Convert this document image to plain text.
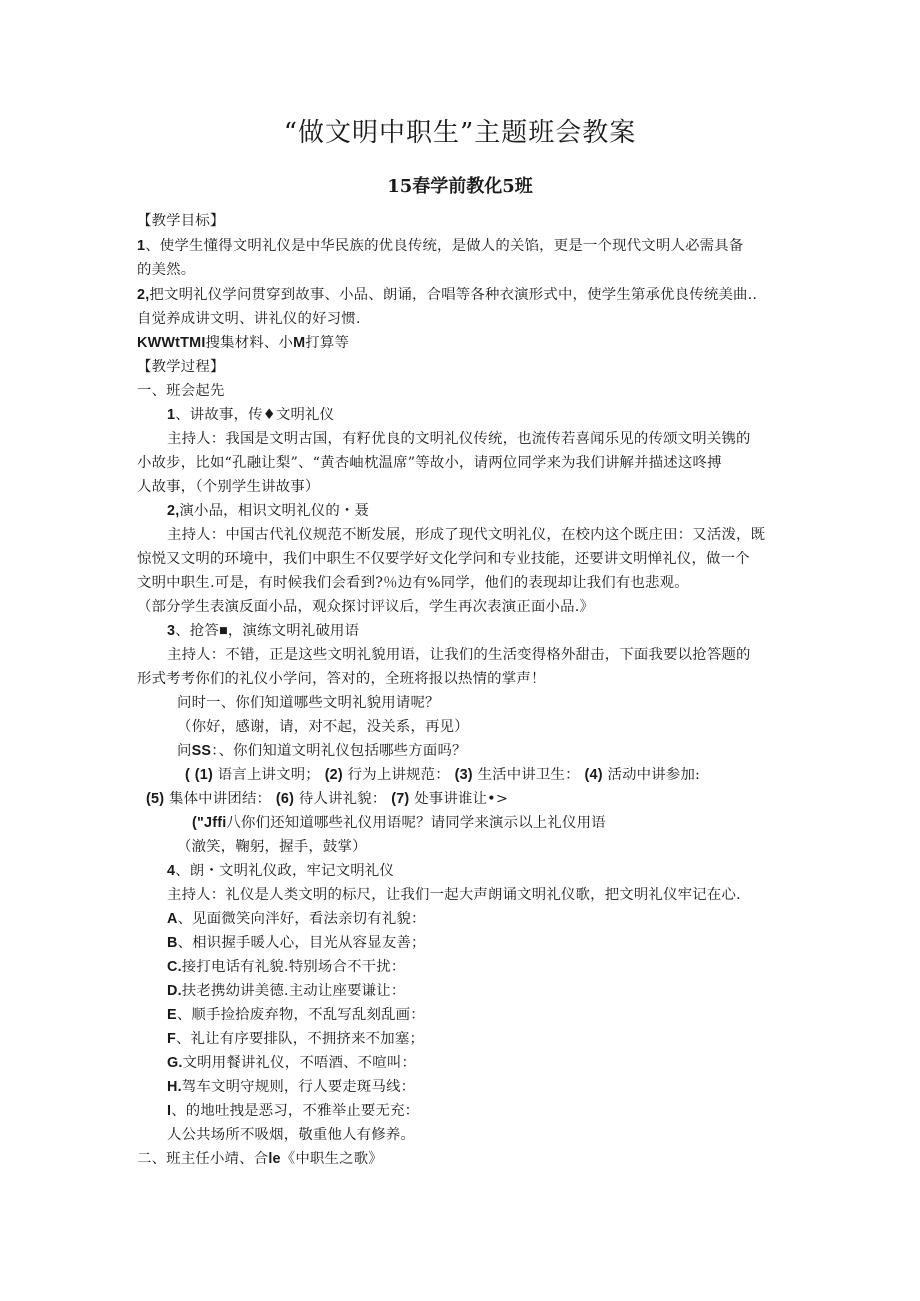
“做文明中职生”主题班会教案
15春学前教化5班
【教学目标】
1、使学生懂得文明礼仪是中华民族的优良传统，是做人的关馅，更是一个现代文明人必需具备
的美然。
2,把文明礼仪学问贯穿到故事、小品、朗诵，合唱等各种衣演形式中，使学生第承优良传统美曲..
自觉养成讲文明、讲礼仪的好习惯.
KWWtTMI搜集材料、小M打算等
【教学过程】
一、班会起先
1、讲故事，传♦文明礼仪
主持人：我国是文明古国，有籽优良的文明礼仪传统，也流传若喜闻乐见的传颂文明关镌的
小故步，比如“孔融让梨”、“黄杏岫枕温席”等故小，请两位同学来为我们讲解并描述这咚搏
人故事，（个别学生讲故事）
2,演小品，相识文明礼仪的・聂
主持人：中国古代礼仪规范不断发展，形成了现代文明礼仪，在校内这个既庄田：又活泼，既
惊悦又文明的环境中，我们中职生不仅要学好文化学问和专业技能，还要讲文明惮礼仪，做一个
文明中职生.可是，有时候我们会看到?％边有%同学，他们的表现却让我们有也悲观。
（部分学生表演反面小品，观众探讨评议后，学生再次表演正面小品.》
3、抢答■，演练文明礼破用语
主持人：不错，正是这些文明礼貌用语，让我们的生活变得格外甜击，下面我要以抢答题的
形式考考你们的礼仪小学问，答对的，全班将报以热情的掌声！
问时一、你们知道哪些文明礼貌用请呢？
（你好，感谢，请，对不起，没关系，再见）
问SS：、你们知道文明礼仪包括哪些方面吗？
( (1) 语言上讲文明； (2) 行为上讲规范： (3) 生活中讲卫生： (4) 活动中讲参加:
(5) 集体中讲团结： (6) 待人讲礼貌： (7) 处事讲谁让•>
("Jffi八你们还知道哪些礼仪用语呢？请同学来演示以上礼仪用语
（澈笑，鞠躬，握手，鼓掌）
4、朗・文明礼仪政，牢记文明礼仪
主持人：礼仪是人类文明的标尺，让我们一起大声朗诵文明礼仪歌，把文明礼仪牢记在心.
A、见面微笑向泮好，看法亲切有礼貌：
B、相识握手暖人心，目光从容显友善；
C.接打电话有礼貌.特别场合不干扰：
D.扶老携幼讲美德.主动让座要谦让：
E、顺手捡拾废弃物，不乱写乱刻乱画：
F、礼让有序要排队，不拥挤来不加塞；
G.文明用餐讲礼仪，不唔酒、不喧叫：
H.驾车文明守规则，行人要走斑马线：
I、的地吐拽是恶习，不雅举止要无充：
人公共场所不吸烟，敬重他人有修养。
二、班主任小靖、合le《中职生之歌》
